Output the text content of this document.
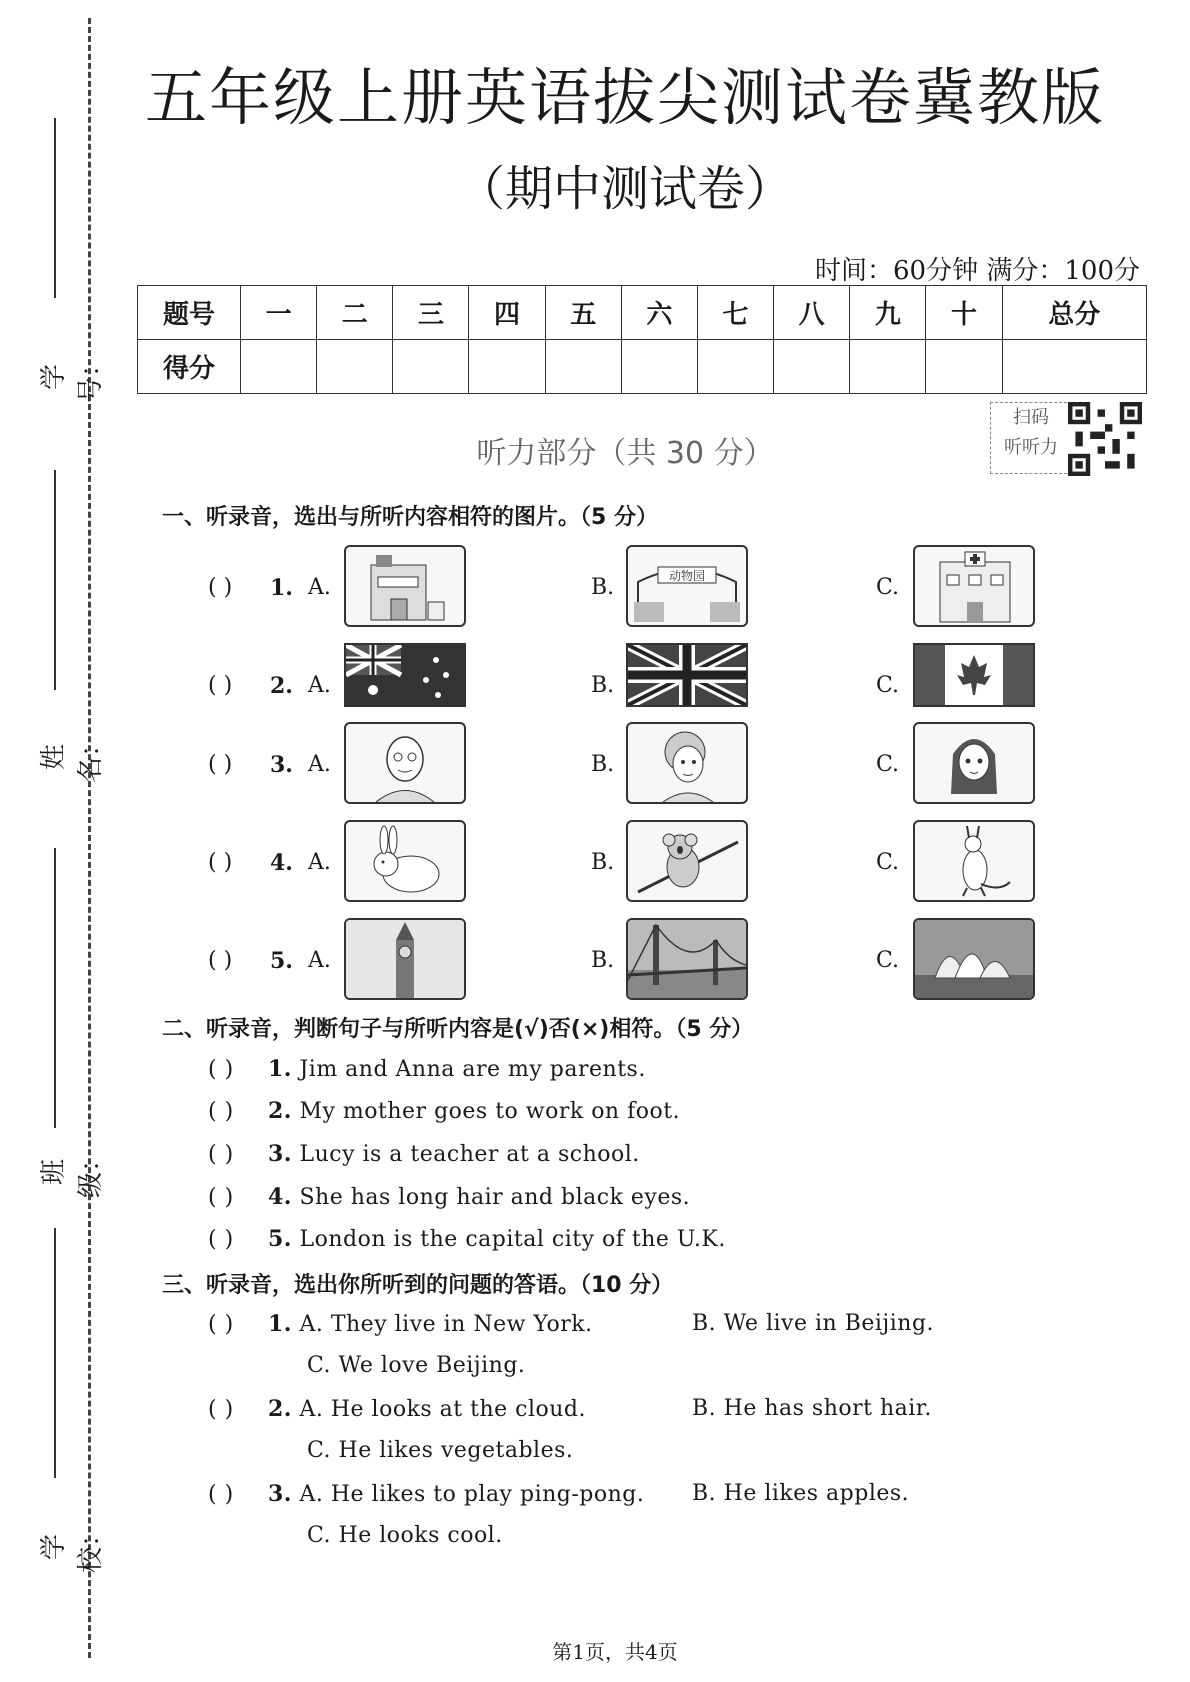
学号：
姓名：
班级：
学校：
五年级上册英语拔尖测试卷冀教版
（期中测试卷）
时间：60分钟 满分：100分
题号	一	二	三	四	五	六	七	八	九	十	总分
得分											
扫码
听听力
听力部分（共 30 分）
一、听录音，选出与所听内容相符的图片。（5 分）
( ) 1. A.	B.	动物园	C.
( ) 2. A.	B.	C.
( ) 3. A.	B.	C.
( ) 4. A.	B.	C.
( ) 5. A.	B.	C.
二、听录音，判断句子与所听内容是(√)否(×)相符。（5 分）
( ) 1. Jim and Anna are my parents.
( ) 2. My mother goes to work on foot.
( ) 3. Lucy is a teacher at a school.
( ) 4. She has long hair and black eyes.
( ) 5. London is the capital city of the U.K.
三、听录音，选出你所听到的问题的答语。（10 分）
( ) 1. A. They live in New York.	B. We live in Beijing.
C. We love Beijing.
( ) 2. A. He looks at the cloud.	B. He has short hair.
C. He likes vegetables.
( ) 3. A. He likes to play ping-pong. B. He likes apples.
C. He looks cool.
第1页，共4页
